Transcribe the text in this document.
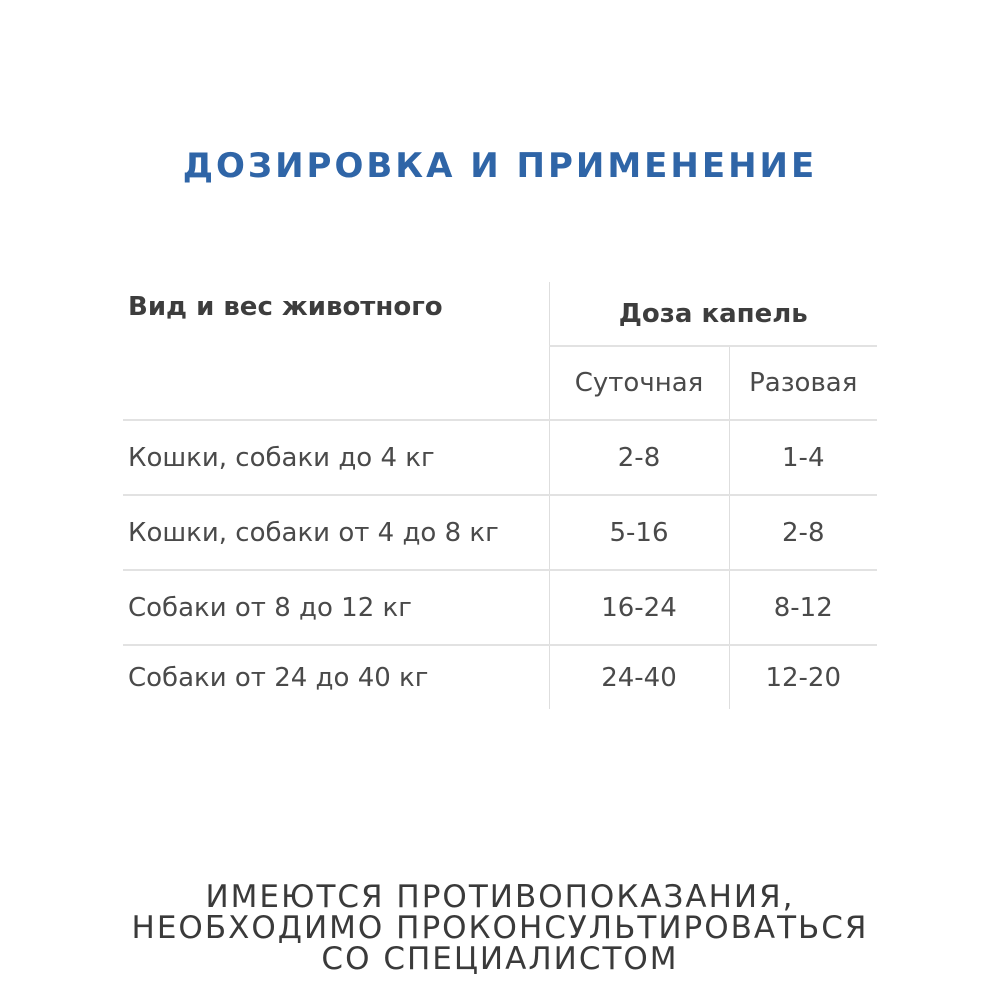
ДОЗИРОВКА И ПРИМЕНЕНИЕ
Вид и вес животного	Доза капель	
	Суточная	Разовая
Кошки, собаки до 4 кг	2-8	1-4
Кошки, собаки от 4 до 8 кг	5-16	2-8
Собаки от 8 до 12 кг	16-24	8-12
Собаки от 24 до 40 кг	24-40	12-20
ИМЕЮТСЯ ПРОТИВОПОКАЗАНИЯ,
НЕОБХОДИМО ПРОКОНСУЛЬТИРОВАТЬСЯ
СО СПЕЦИАЛИСТОМ
